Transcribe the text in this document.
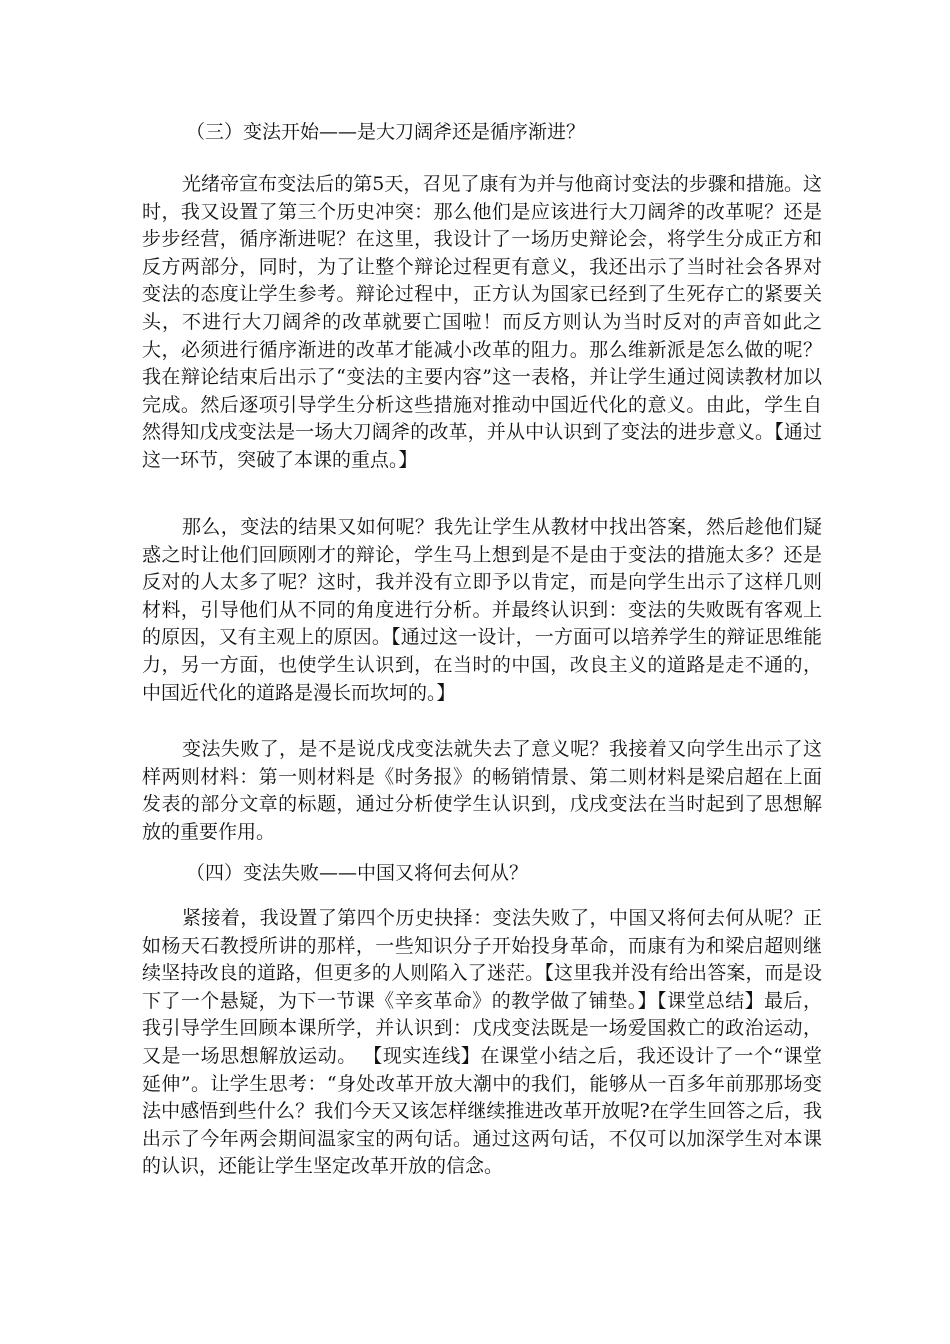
（三）变法开始——是大刀阔斧还是循序渐进？

光绪帝宣布变法后的第5天，召见了康有为并与他商讨变法的步骤和措施。这时，我又设置了第三个历史冲突：那么他们是应该进行大刀阔斧的改革呢？还是步步经营，循序渐进呢？在这里，我设计了一场历史辩论会，将学生分成正方和反方两部分，同时，为了让整个辩论过程更有意义，我还出示了当时社会各界对变法的态度让学生参考。辩论过程中，正方认为国家已经到了生死存亡的紧要关头，不进行大刀阔斧的改革就要亡国啦！而反方则认为当时反对的声音如此之大，必须进行循序渐进的改革才能减小改革的阻力。那么维新派是怎么做的呢？我在辩论结束后出示了“变法的主要内容”这一表格，并让学生通过阅读教材加以完成。然后逐项引导学生分析这些措施对推动中国近代化的意义。由此，学生自然得知戊戌变法是一场大刀阔斧的改革，并从中认识到了变法的进步意义。【通过这一环节，突破了本课的重点。】

那么，变法的结果又如何呢？我先让学生从教材中找出答案，然后趁他们疑惑之时让他们回顾刚才的辩论，学生马上想到是不是由于变法的措施太多？还是反对的人太多了呢？这时，我并没有立即予以肯定，而是向学生出示了这样几则材料，引导他们从不同的角度进行分析。并最终认识到：变法的失败既有客观上的原因，又有主观上的原因。【通过这一设计，一方面可以培养学生的辩证思维能力，另一方面，也使学生认识到，在当时的中国，改良主义的道路是走不通的，中国近代化的道路是漫长而坎坷的。】

变法失败了，是不是说戊戌变法就失去了意义呢？我接着又向学生出示了这样两则材料：第一则材料是《时务报》的畅销情景、第二则材料是梁启超在上面发表的部分文章的标题，通过分析使学生认识到，戊戌变法在当时起到了思想解放的重要作用。

（四）变法失败——中国又将何去何从？

紧接着，我设置了第四个历史抉择：变法失败了，中国又将何去何从呢？正如杨天石教授所讲的那样，一些知识分子开始投身革命，而康有为和梁启超则继续坚持改良的道路，但更多的人则陷入了迷茫。【这里我并没有给出答案，而是设下了一个悬疑，为下一节课《辛亥革命》的教学做了铺垫。】【课堂总结】最后，我引导学生回顾本课所学，并认识到：戊戌变法既是一场爱国救亡的政治运动，又是一场思想解放运动。 【现实连线】在课堂小结之后，我还设计了一个“课堂延伸”。让学生思考：“身处改革开放大潮中的我们，能够从一百多年前那那场变法中感悟到些什么？我们今天又该怎样继续推进改革开放呢?在学生回答之后，我出示了今年两会期间温家宝的两句话。通过这两句话，不仅可以加深学生对本课的认识，还能让学生坚定改革开放的信念。
